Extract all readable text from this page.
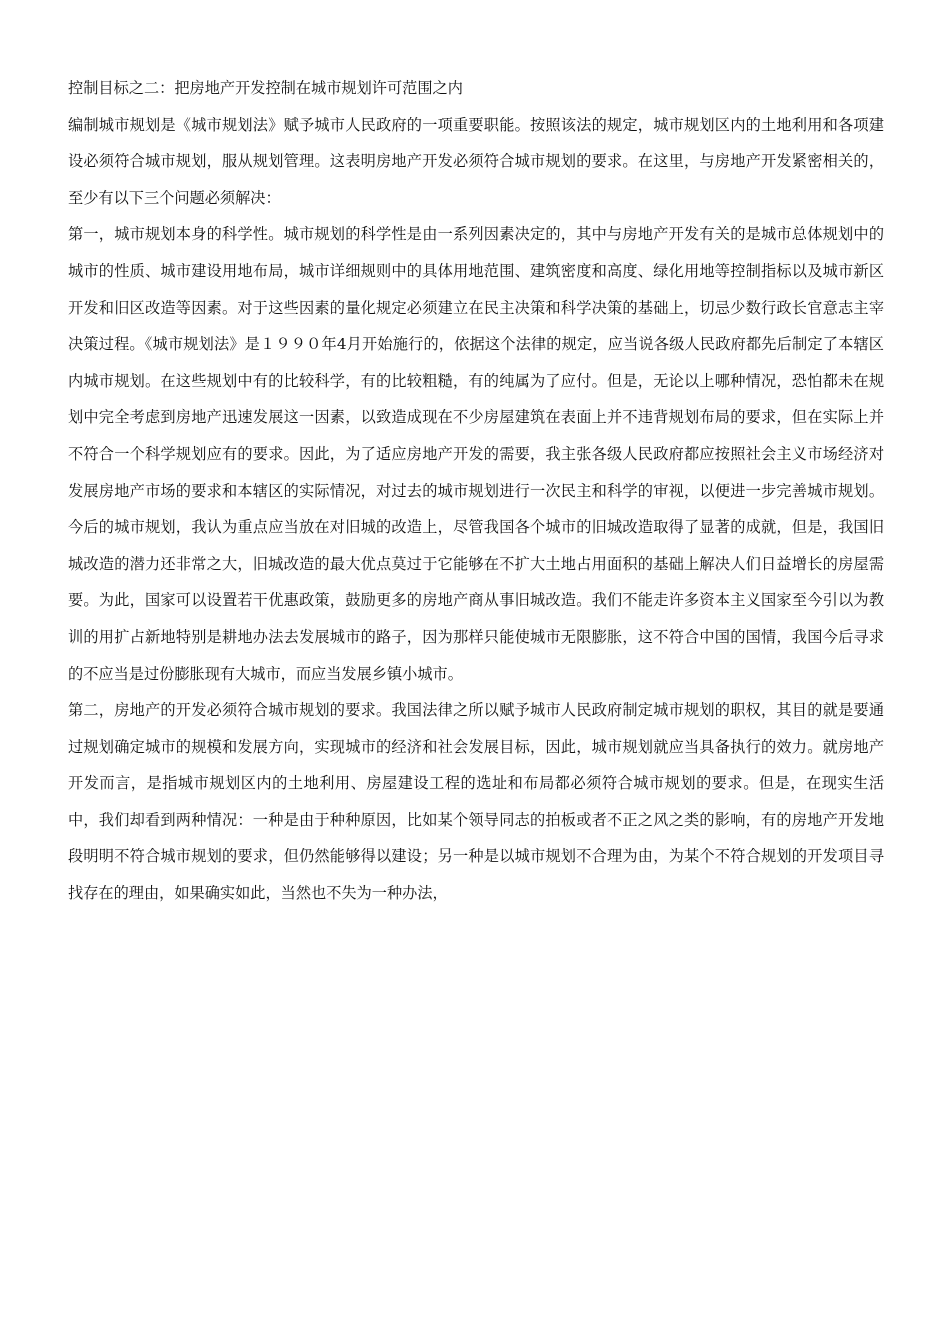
控制目标之二：把房地产开发控制在城市规划许可范围之内

编制城市规划是《城市规划法》赋予城市人民政府的一项重要职能。按照该法的规定，城市规划区内的土地利用和各项建设必须符合城市规划，服从规划管理。这表明房地产开发必须符合城市规划的要求。在这里，与房地产开发紧密相关的，至少有以下三个问题必须解决：

第一，城市规划本身的科学性。城市规划的科学性是由一系列因素决定的，其中与房地产开发有关的是城市总体规划中的城市的性质、城市建设用地布局，城市详细规则中的具体用地范围、建筑密度和高度、绿化用地等控制指标以及城市新区开发和旧区改造等因素。对于这些因素的量化规定必须建立在民主决策和科学决策的基础上，切忌少数行政长官意志主宰决策过程。《城市规划法》是１９９０年4月开始施行的，依据这个法律的规定，应当说各级人民政府都先后制定了本辖区内城市规划。在这些规划中有的比较科学，有的比较粗糙，有的纯属为了应付。但是，无论以上哪种情况，恐怕都未在规划中完全考虑到房地产迅速发展这一因素，以致造成现在不少房屋建筑在表面上并不违背规划布局的要求，但在实际上并不符合一个科学规划应有的要求。因此，为了适应房地产开发的需要，我主张各级人民政府都应按照社会主义市场经济对发展房地产市场的要求和本辖区的实际情况，对过去的城市规划进行一次民主和科学的审视，以便进一步完善城市规划。今后的城市规划，我认为重点应当放在对旧城的改造上，尽管我国各个城市的旧城改造取得了显著的成就，但是，我国旧城改造的潜力还非常之大，旧城改造的最大优点莫过于它能够在不扩大土地占用面积的基础上解决人们日益增长的房屋需要。为此，国家可以设置若干优惠政策，鼓励更多的房地产商从事旧城改造。我们不能走许多资本主义国家至今引以为教训的用扩占新地特别是耕地办法去发展城市的路子，因为那样只能使城市无限膨胀，这不符合中国的国情，我国今后寻求的不应当是过份膨胀现有大城市，而应当发展乡镇小城市。

第二，房地产的开发必须符合城市规划的要求。我国法律之所以赋予城市人民政府制定城市规划的职权，其目的就是要通过规划确定城市的规模和发展方向，实现城市的经济和社会发展目标，因此，城市规划就应当具备执行的效力。就房地产开发而言，是指城市规划区内的土地利用、房屋建设工程的选址和布局都必须符合城市规划的要求。但是，在现实生活中，我们却看到两种情况：一种是由于种种原因，比如某个领导同志的拍板或者不正之风之类的影响，有的房地产开发地段明明不符合城市规划的要求，但仍然能够得以建设；另一种是以城市规划不合理为由，为某个不符合规划的开发项目寻找存在的理由，如果确实如此，当然也不失为一种办法，
